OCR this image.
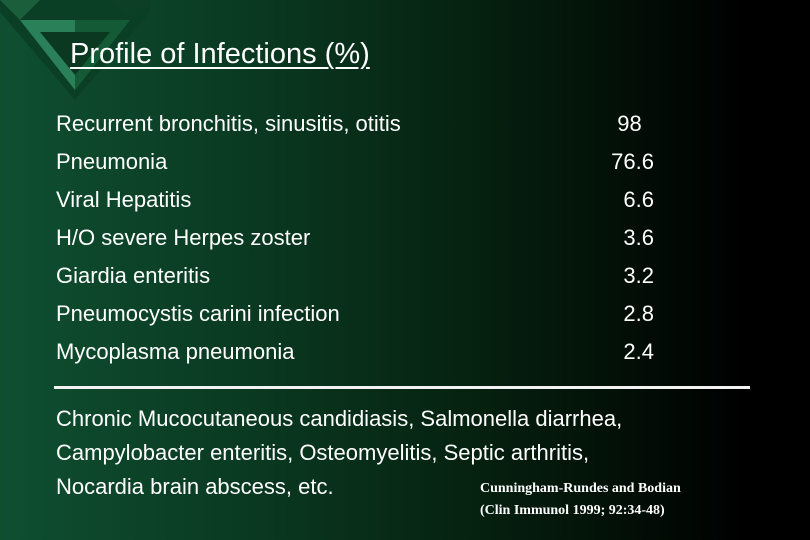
Profile of Infections (%)
Recurrent bronchitis, sinusitis, otitis	98
Pneumonia	76.6
Viral Hepatitis	6.6
H/O severe Herpes zoster	3.6
Giardia enteritis	3.2
Pneumocystis carini infection	2.8
Mycoplasma pneumonia	2.4
Chronic Mucocutaneous candidiasis, Salmonella diarrhea,
Campylobacter enteritis, Osteomyelitis, Septic arthritis,
Nocardia brain abscess, etc.	Cunningham-Rundes and Bodian
(Clin Immunol 1999; 92:34-48)
